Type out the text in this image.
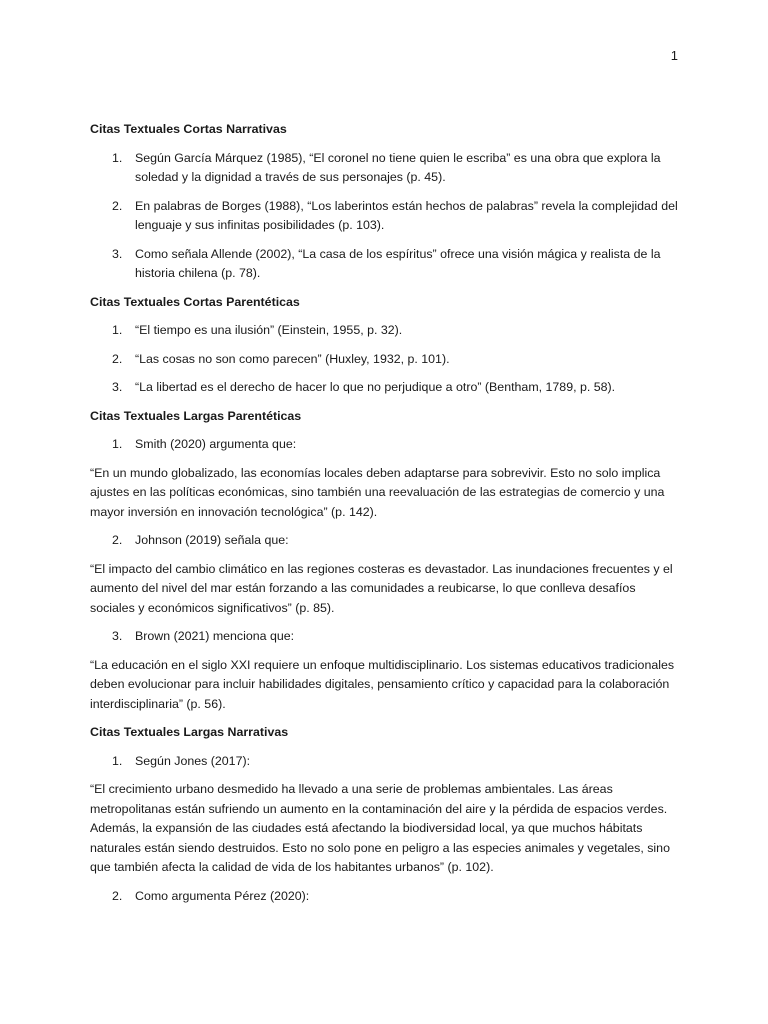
1
Citas Textuales Cortas Narrativas
1. Según García Márquez (1985), “El coronel no tiene quien le escriba” es una obra que explora la soledad y la dignidad a través de sus personajes (p. 45).
2. En palabras de Borges (1988), “Los laberintos están hechos de palabras” revela la complejidad del lenguaje y sus infinitas posibilidades (p. 103).
3. Como señala Allende (2002), “La casa de los espíritus” ofrece una visión mágica y realista de la historia chilena (p. 78).
Citas Textuales Cortas Parentéticas
1. “El tiempo es una ilusión” (Einstein, 1955, p. 32).
2. “Las cosas no son como parecen” (Huxley, 1932, p. 101).
3. “La libertad es el derecho de hacer lo que no perjudique a otro” (Bentham, 1789, p. 58).
Citas Textuales Largas Parentéticas
1. Smith (2020) argumenta que:

“En un mundo globalizado, las economías locales deben adaptarse para sobrevivir. Esto no solo implica ajustes en las políticas económicas, sino también una reevaluación de las estrategias de comercio y una mayor inversión en innovación tecnológica” (p. 142).

2. Johnson (2019) señala que:

“El impacto del cambio climático en las regiones costeras es devastador. Las inundaciones frecuentes y el aumento del nivel del mar están forzando a las comunidades a reubicarse, lo que conlleva desafíos sociales y económicos significativos” (p. 85).

3. Brown (2021) menciona que:

“La educación en el siglo XXI requiere un enfoque multidisciplinario. Los sistemas educativos tradicionales deben evolucionar para incluir habilidades digitales, pensamiento crítico y capacidad para la colaboración interdisciplinaria” (p. 56).

Citas Textuales Largas Narrativas
1. Según Jones (2017):

“El crecimiento urbano desmedido ha llevado a una serie de problemas ambientales. Las áreas metropolitanas están sufriendo un aumento en la contaminación del aire y la pérdida de espacios verdes. Además, la expansión de las ciudades está afectando la biodiversidad local, ya que muchos hábitats naturales están siendo destruidos. Esto no solo pone en peligro a las especies animales y vegetales, sino que también afecta la calidad de vida de los habitantes urbanos” (p. 102).

2. Como argumenta Pérez (2020):
